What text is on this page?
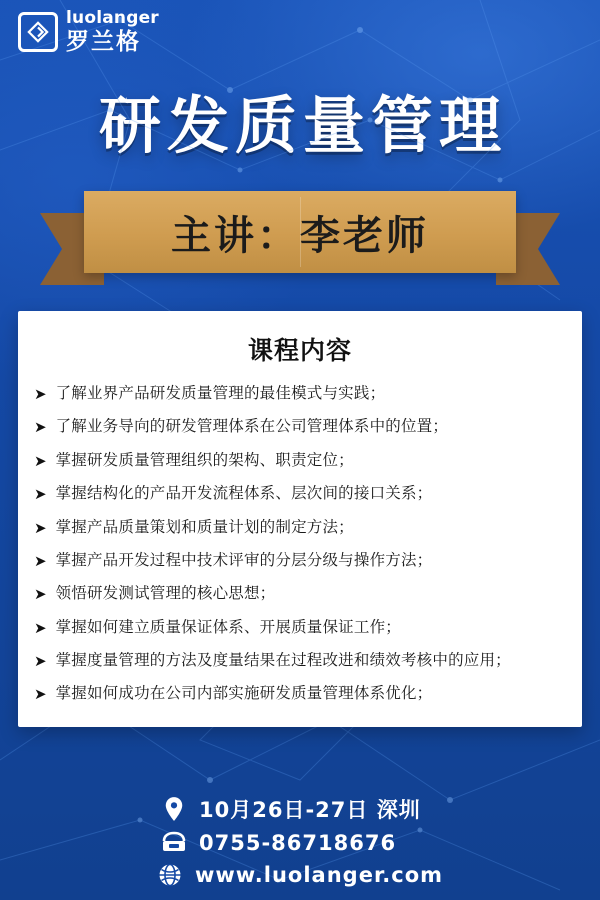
luolanger
罗兰格
研发质量管理
主讲：李老师
课程内容
➤ 了解业界产品研发质量管理的最佳模式与实践；
➤ 了解业务导向的研发管理体系在公司管理体系中的位置；
➤ 掌握研发质量管理组织的架构、职责定位；
➤ 掌握结构化的产品开发流程体系、层次间的接口关系；
➤ 掌握产品质量策划和质量计划的制定方法；
➤ 掌握产品开发过程中技术评审的分层分级与操作方法；
➤ 领悟研发测试管理的核心思想；
➤ 掌握如何建立质量保证体系、开展质量保证工作；
➤ 掌握度量管理的方法及度量结果在过程改进和绩效考核中的应用；
➤ 掌握如何成功在公司内部实施研发质量管理体系优化；
10月26日-27日 深圳
0755-86718676
www.luolanger.com
